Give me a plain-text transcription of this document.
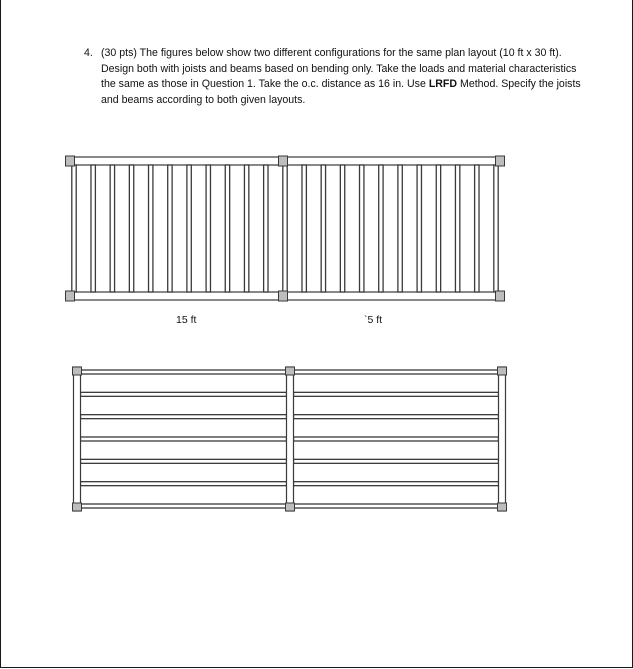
4. (30 pts) The figures below show two different configurations for the same plan layout (10 ft x 30 ft). Design both with joists and beams based on bending only. Take the loads and material characteristics the same as those in Question 1. Take the o.c. distance as 16 in. Use LRFD Method. Specify the joists and beams according to both given layouts.
15 ft	`5 ft
